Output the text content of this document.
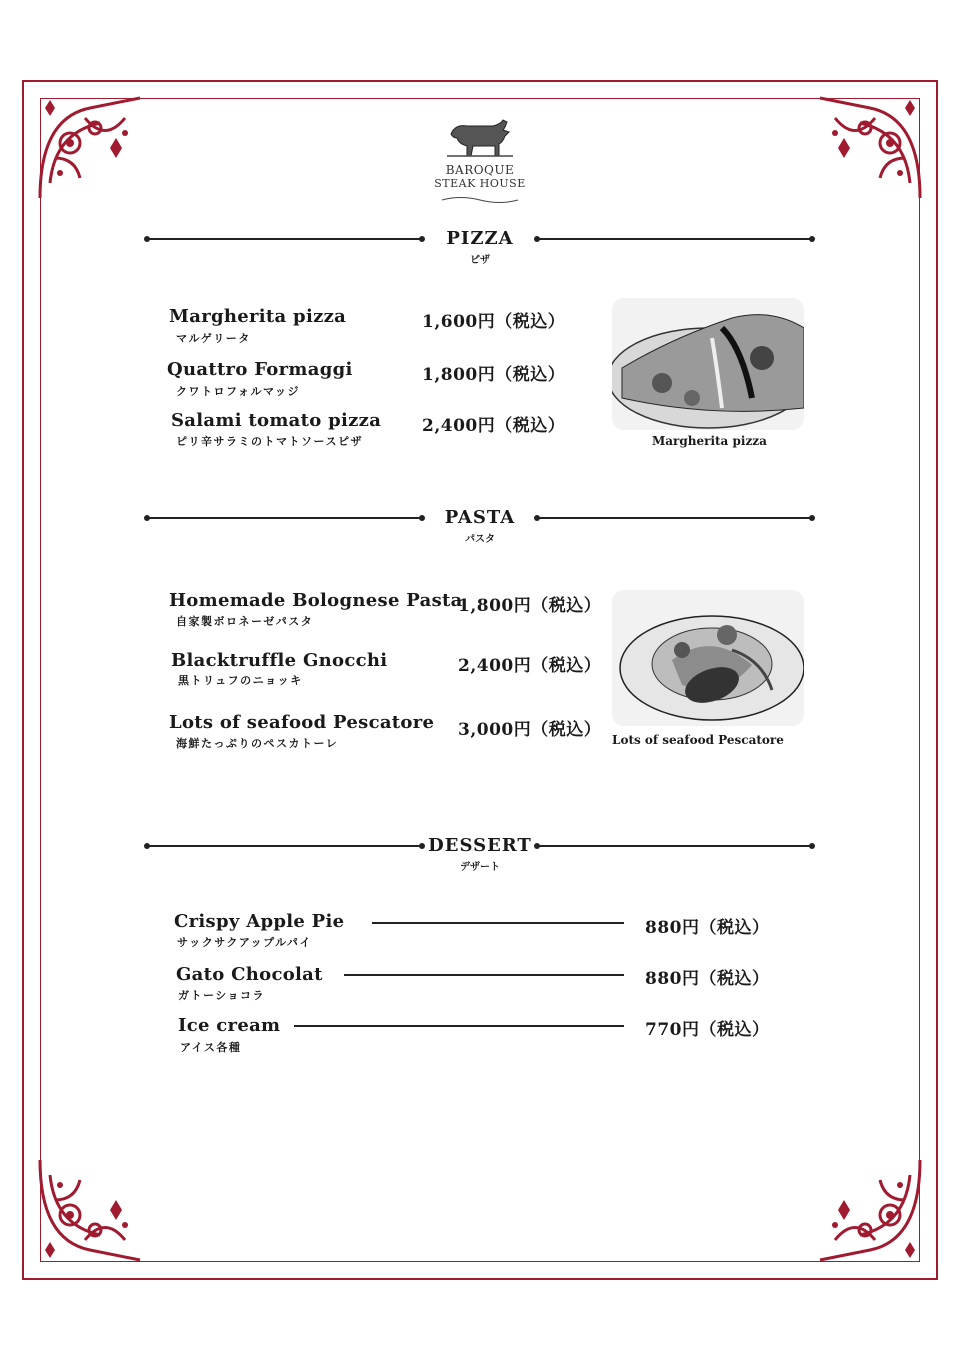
BAROQUE
STEAK HOUSE
PIZZA
ピザ
Margherita pizza
マルゲリータ
1,600円（税込）
Quattro Formaggi
クワトロフォルマッジ
1,800円（税込）
Salami tomato pizza
ピリ辛サラミのトマトソースピザ
2,400円（税込）
Margherita pizza
PASTA
パスタ
Homemade Bolognese Pasta
自家製ボロネーゼパスタ
1,800円（税込）
Blacktruffle Gnocchi
黒トリュフのニョッキ
2,400円（税込）
Lots of seafood Pescatore
海鮮たっぷりのペスカトーレ
3,000円（税込） Lots of seafood Pescatore
DESSERT
デザート
Crispy Apple Pie
サックサクアップルパイ
880円（税込）
Gato Chocolat
ガトーショコラ
880円（税込）
Ice cream
アイス各種
770円（税込）
